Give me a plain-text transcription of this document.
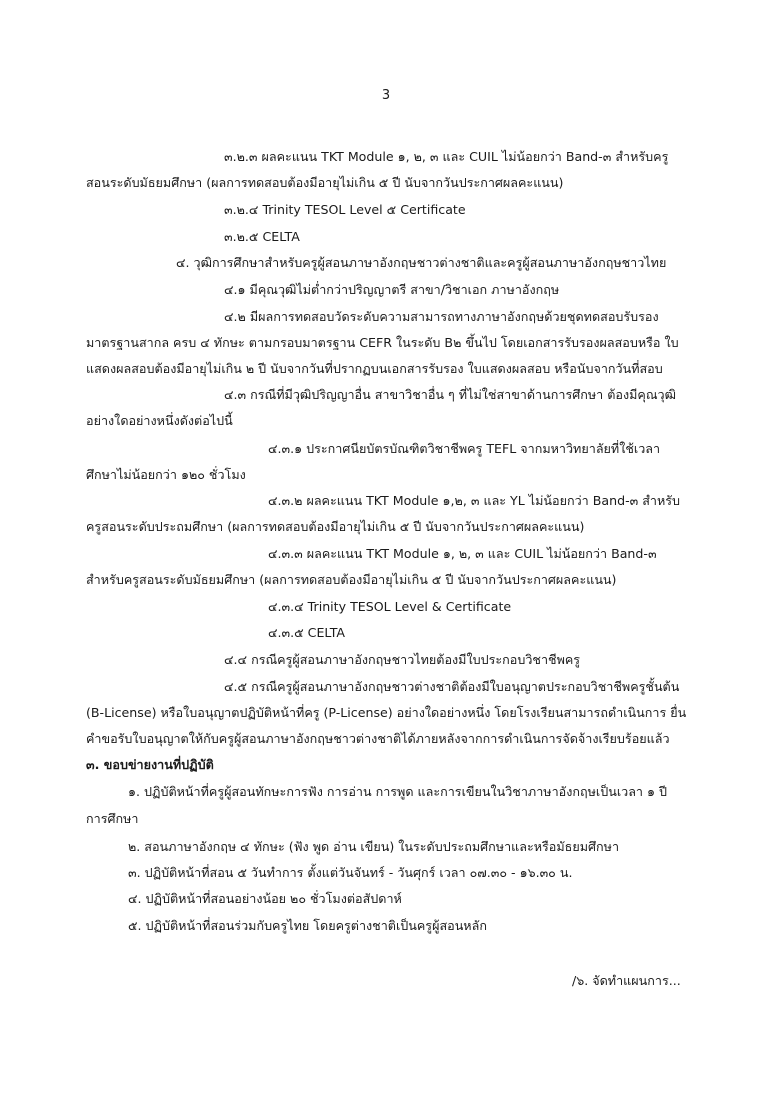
3

๓.๒.๓ ผลคะแนน TKT Module ๑, ๒, ๓ และ CUIL ไม่น้อยกว่า Band-๓ สำหรับครู

สอนระดับมัธยมศึกษา (ผลการทดสอบต้องมีอายุไม่เกิน ๕ ปี นับจากวันประกาศผลคะแนน)

๓.๒.๔ Trinity TESOL Level ๕ Certificate

๓.๒.๕ CELTA

๔. วุฒิการศึกษาสำหรับครูผู้สอนภาษาอังกฤษชาวต่างชาติและครูผู้สอนภาษาอังกฤษชาวไทย

๔.๑ มีคุณวุฒิไม่ต่ำกว่าปริญญาตรี สาขา/วิชาเอก ภาษาอังกฤษ

๔.๒ มีผลการทดสอบวัดระดับความสามารถทางภาษาอังกฤษด้วยชุดทดสอบรับรอง

มาตรฐานสากล ครบ ๔ ทักษะ ตามกรอบมาตรฐาน CEFR ในระดับ B๒ ขึ้นไป โดยเอกสารรับรองผลสอบหรือ ใบ

แสดงผลสอบต้องมีอายุไม่เกิน ๒ ปี นับจากวันที่ปรากฏบนเอกสารรับรอง ใบแสดงผลสอบ หรือนับจากวันที่สอบ

๔.๓ กรณีที่มีวุฒิปริญญาอื่น สาขาวิชาอื่น ๆ ที่ไม่ใช่สาขาด้านการศึกษา ต้องมีคุณวุฒิ

อย่างใดอย่างหนึ่งดังต่อไปนี้

๔.๓.๑ ประกาศนียบัตรบัณฑิตวิชาชีพครู TEFL จากมหาวิทยาลัยที่ใช้เวลา

ศึกษาไม่น้อยกว่า ๑๒๐ ชั่วโมง

๔.๓.๒ ผลคะแนน TKT Module ๑,๒, ๓ และ YL ไม่น้อยกว่า Band-๓ สำหรับ

ครูสอนระดับประถมศึกษา (ผลการทดสอบต้องมีอายุไม่เกิน ๕ ปี นับจากวันประกาศผลคะแนน)

๔.๓.๓ ผลคะแนน TKT Module ๑, ๒, ๓ และ CUIL ไม่น้อยกว่า Band-๓

สำหรับครูสอนระดับมัธยมศึกษา (ผลการทดสอบต้องมีอายุไม่เกิน ๕ ปี นับจากวันประกาศผลคะแนน)

๔.๓.๔ Trinity TESOL Level & Certificate

๔.๓.๕ CELTA

๔.๔ กรณีครูผู้สอนภาษาอังกฤษชาวไทยต้องมีใบประกอบวิชาชีพครู

๔.๕ กรณีครูผู้สอนภาษาอังกฤษชาวต่างชาติต้องมีใบอนุญาตประกอบวิชาชีพครูชั้นต้น

(B-License) หรือใบอนุญาตปฏิบัติหน้าที่ครู (P-License) อย่างใดอย่างหนึ่ง โดยโรงเรียนสามารถดำเนินการ ยื่น

คำขอรับใบอนุญาตให้กับครูผู้สอนภาษาอังกฤษชาวต่างชาติได้ภายหลังจากการดำเนินการจัดจ้างเรียบร้อยแล้ว

๓. ขอบข่ายงานที่ปฏิบัติ

๑. ปฏิบัติหน้าที่ครูผู้สอนทักษะการฟัง การอ่าน การพูด และการเขียนในวิชาภาษาอังกฤษเป็นเวลา ๑ ปี

การศึกษา

๒. สอนภาษาอังกฤษ ๔ ทักษะ (ฟัง พูด อ่าน เขียน) ในระดับประถมศึกษาและหรือมัธยมศึกษา

๓. ปฏิบัติหน้าที่สอน ๕ วันทำการ ตั้งแต่วันจันทร์ - วันศุกร์ เวลา ๐๗.๓๐ - ๑๖.๓๐ น.

๔. ปฏิบัติหน้าที่สอนอย่างน้อย ๒๐ ชั่วโมงต่อสัปดาห์

๕. ปฏิบัติหน้าที่สอนร่วมกับครูไทย โดยครูต่างชาติเป็นครูผู้สอนหลัก

/๖. จัดทำแผนการ...
